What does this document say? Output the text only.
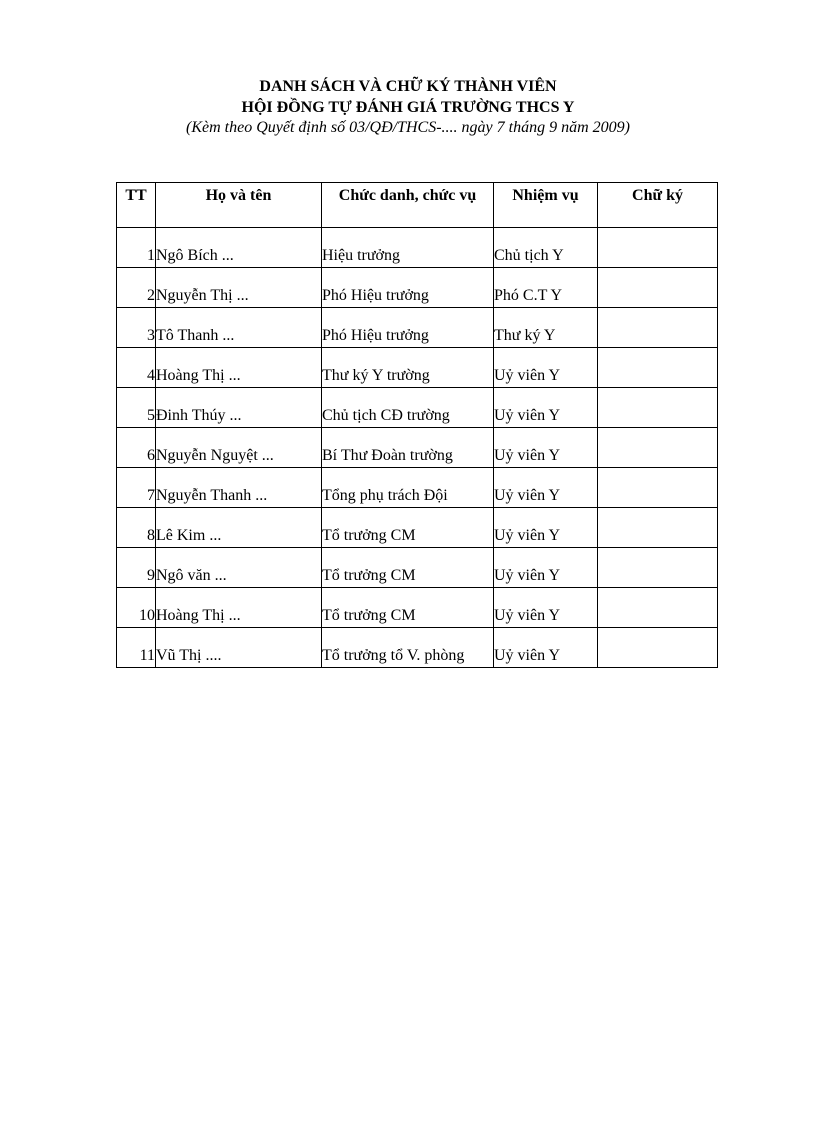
DANH SÁCH VÀ CHỮ KÝ THÀNH VIÊN

HỘI ĐỒNG TỰ ĐÁNH GIÁ TRƯỜNG THCS Y

(Kèm theo Quyết định số 03/QĐ/THCS-.... ngày 7 tháng 9 năm 2009)

TT	Họ và tên	Chức danh, chức vụ	Nhiệm vụ	Chữ ký
1	Ngô Bích ...	Hiệu trưởng	Chủ tịch Y	
2	Nguyễn Thị ...	Phó Hiệu trưởng	Phó C.T Y	
3	Tô Thanh ...	Phó Hiệu trưởng	Thư ký Y	
4	Hoàng Thị ...	Thư ký Y trường	Uỷ viên Y	
5	Đinh Thúy ...	Chủ tịch CĐ trường	Uỷ viên Y	
6	Nguyễn Nguyệt ...	Bí Thư Đoàn trường	Uỷ viên Y	
7	Nguyễn Thanh ...	Tổng phụ trách Đội	Uỷ viên Y	
8	Lê Kim ...	Tổ trưởng CM	Uỷ viên Y	
9	Ngô văn ...	Tổ trưởng CM	Uỷ viên Y	
10	Hoàng Thị ...	Tổ trưởng CM	Uỷ viên Y	
11	Vũ Thị ....	Tổ trưởng tổ V. phòng	Uỷ viên Y	
